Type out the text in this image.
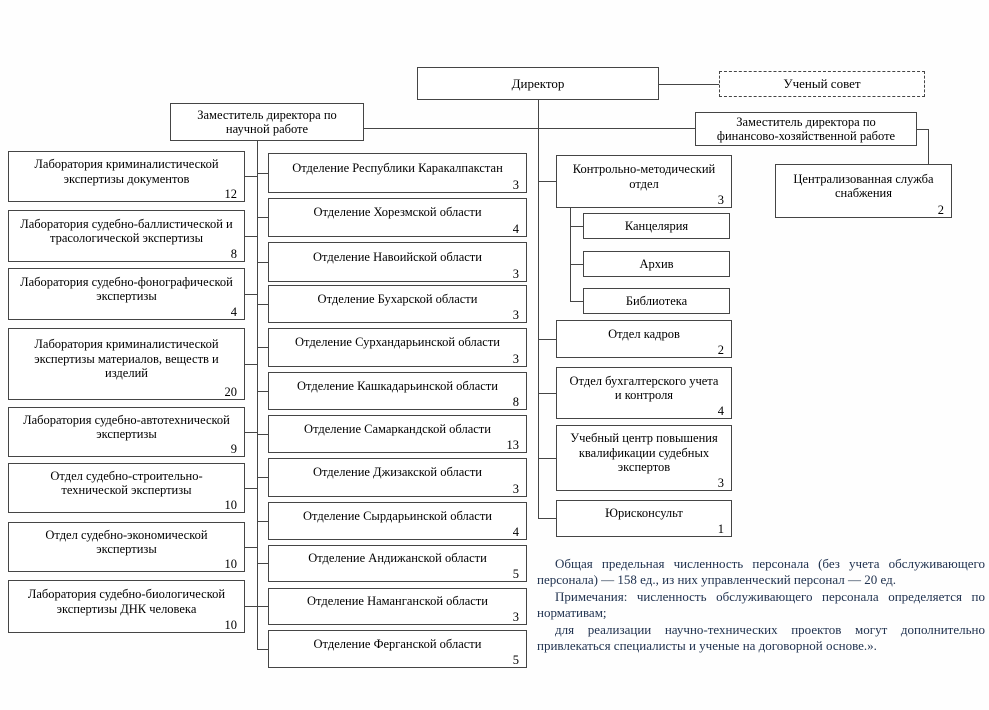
Директор	Ученый совет
Заместитель директора по научной работе
Заместитель директора по финансово-хозяйственной работе
Централизованная служба снабжения
2
Лаборатория криминалистической экспертизы документов
12
Лаборатория судебно-баллистической и трасологической экспертизы
8
Лаборатория судебно-фонографической экспертизы
4
Лаборатория криминалистической экспертизы материалов, веществ и изделий
20
Лаборатория судебно-автотехнической экспертизы
9
Отдел судебно-строительно-технической экспертизы
10
Отдел судебно-экономической экспертизы
10
Лаборатория судебно-биологической экспертизы ДНК человека
10
Отделение Республики Каракалпакстан
3
Отделение Хорезмской области
4
Отделение Навоийской области
3
Отделение Бухарской области
3
Отделение Сурхандарьинской области
3
Отделение Кашкадарьинской области
8
Отделение Самаркандской области
13
Отделение Джизакской области
3
Отделение Сырдарьинской области
4
Отделение Андижанской области
5
Отделение Наманганской области
3
Отделение Ферганской области
5
Контрольно-методический отдел
3
Канцелярия
Архив
Библиотека
Отдел кадров
2
Отдел бухгалтерского учета и контроля
4
Учебный центр повышения квалификации судебных экспертов
3
Юрисконсульт
1

Общая предельная численность персонала (без учета обслуживающего персонала) — 158 ед., из них управленческий персонал — 20 ед.

Примечания: численность обслуживающего персонала определяется по нормативам;

для реализации научно-технических проектов могут дополнительно привлекаться специалисты и ученые на договорной основе.».
